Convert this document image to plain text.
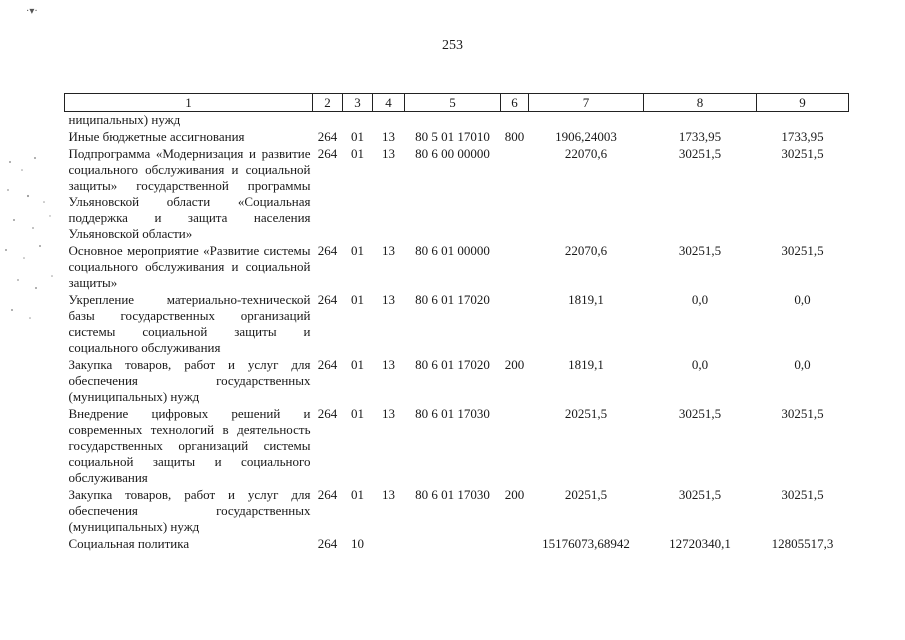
·▾·
253
1	2	3	4	5	6	7	8	9
ниципальных) нужд								
Иные бюджетные ассигнования	264	01	13	80 5 01 17010	800	1906,24003	1733,95	1733,95
Подпрограмма «Модернизация и развитие социального обслуживания и социальной защиты» государственной программы Ульяновской области «Социальная поддержка и защита населения Ульяновской области»	264	01	13	80 6 00 00000		22070,6	30251,5	30251,5
Основное мероприятие «Развитие системы социального обслуживания и социальной защиты»	264	01	13	80 6 01 00000		22070,6	30251,5	30251,5
Укрепление материально-технической базы государственных организаций системы социальной защиты и социального обслуживания	264	01	13	80 6 01 17020		1819,1	0,0	0,0
Закупка товаров, работ и услуг для обеспечения государственных (муниципальных) нужд	264	01	13	80 6 01 17020	200	1819,1	0,0	0,0
Внедрение цифровых решений и современных технологий в деятельность государственных организаций системы социальной защиты и социального обслуживания	264	01	13	80 6 01 17030		20251,5	30251,5	30251,5
Закупка товаров, работ и услуг для обеспечения государственных (муниципальных) нужд	264	01	13	80 6 01 17030	200	20251,5	30251,5	30251,5
Социальная политика	264	10				15176073,68942	12720340,1	12805517,3
